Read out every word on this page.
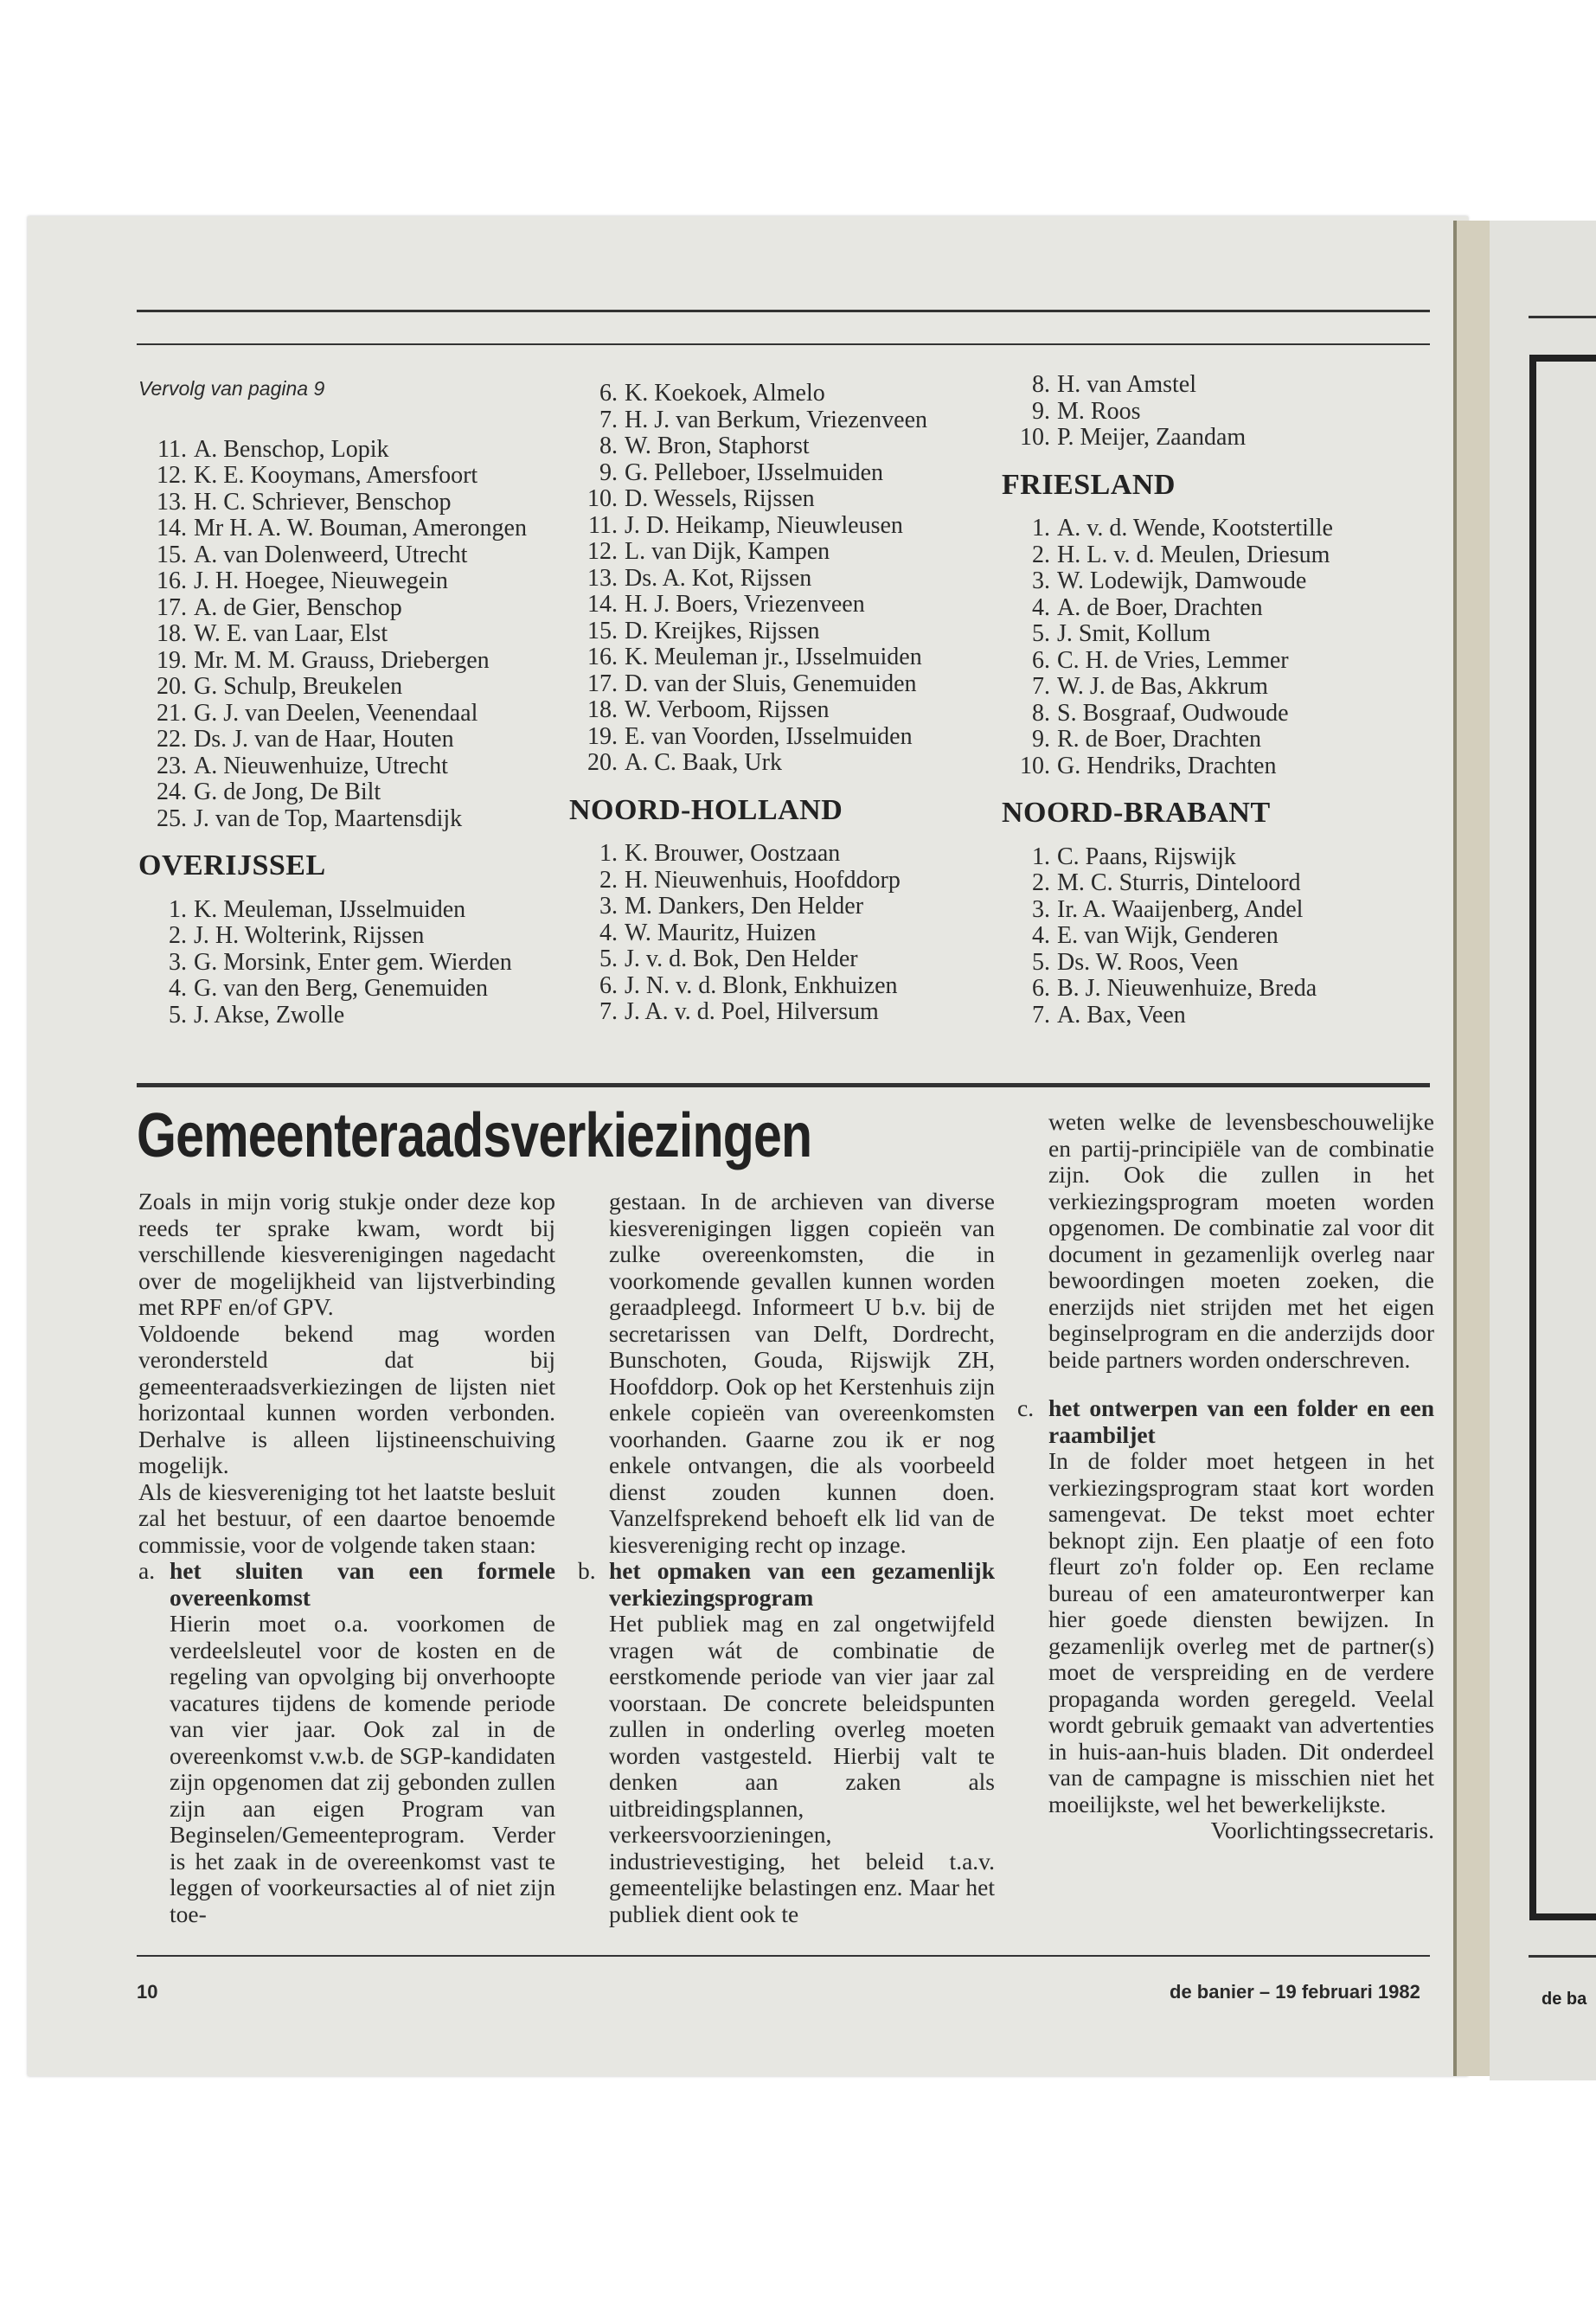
de ba
Vervolg van pagina 9
11. A. Benschop, Lopik
12. K. E. Kooymans, Amersfoort
13. H. C. Schriever, Benschop
14. Mr H. A. W. Bouman, Amerongen
15. A. van Dolenweerd, Utrecht
16. J. H. Hoegee, Nieuwegein
17. A. de Gier, Benschop
18. W. E. van Laar, Elst
19. Mr. M. M. Grauss, Driebergen
20. G. Schulp, Breukelen
21. G. J. van Deelen, Veenendaal
22. Ds. J. van de Haar, Houten
23. A. Nieuwenhuize, Utrecht
24. G. de Jong, De Bilt
25. J. van de Top, Maartensdijk
OVERIJSSEL
1. K. Meuleman, IJsselmuiden
2. J. H. Wolterink, Rijssen
3. G. Morsink, Enter gem. Wierden
4. G. van den Berg, Genemuiden
5. J. Akse, Zwolle
6. K. Koekoek, Almelo
7. H. J. van Berkum, Vriezenveen
8. W. Bron, Staphorst
9. G. Pelleboer, IJsselmuiden
10. D. Wessels, Rijssen
11. J. D. Heikamp, Nieuwleusen
12. L. van Dijk, Kampen
13. Ds. A. Kot, Rijssen
14. H. J. Boers, Vriezenveen
15. D. Kreijkes, Rijssen
16. K. Meuleman jr., IJsselmuiden
17. D. van der Sluis, Genemuiden
18. W. Verboom, Rijssen
19. E. van Voorden, IJsselmuiden
20. A. C. Baak, Urk
NOORD-HOLLAND
1. K. Brouwer, Oostzaan
2. H. Nieuwenhuis, Hoofddorp
3. M. Dankers, Den Helder
4. W. Mauritz, Huizen
5. J. v. d. Bok, Den Helder
6. J. N. v. d. Blonk, Enkhuizen
7. J. A. v. d. Poel, Hilversum
8. H. van Amstel
9. M. Roos
10. P. Meijer, Zaandam
FRIESLAND
1. A. v. d. Wende, Kootstertille
2. H. L. v. d. Meulen, Driesum
3. W. Lodewijk, Damwoude
4. A. de Boer, Drachten
5. J. Smit, Kollum
6. C. H. de Vries, Lemmer
7. W. J. de Bas, Akkrum
8. S. Bosgraaf, Oudwoude
9. R. de Boer, Drachten
10. G. Hendriks, Drachten
NOORD-BRABANT
1. C. Paans, Rijswijk
2. M. C. Sturris, Dinteloord
3. Ir. A. Waaijenberg, Andel
4. E. van Wijk, Genderen
5. Ds. W. Roos, Veen
6. B. J. Nieuwenhuize, Breda
7. A. Bax, Veen
Gemeenteraadsverkiezingen

Zoals in mijn vorig stukje onder deze kop reeds ter sprake kwam, wordt bij verschillende kiesverenigingen nagedacht over de mogelijkheid van lijstverbinding met RPF en/of GPV.

Voldoende bekend mag worden verondersteld dat bij gemeenteraadsverkiezingen de lijsten niet horizontaal kunnen worden verbonden. Derhalve is alleen lijstineenschuiving mogelijk.

Als de kiesvereniging tot het laatste besluit zal het bestuur, of een daartoe benoemde commissie, voor de volgende taken staan:

a. het sluiten van een formele overeenkomst

Hierin moet o.a. voorkomen de verdeelsleutel voor de kosten en de regeling van opvolging bij onverhoopte vacatures tijdens de komende periode van vier jaar. Ook zal in de overeenkomst v.w.b. de SGP-kandidaten zijn opgenomen dat zij gebonden zullen zijn aan eigen Program van Beginselen/Gemeenteprogram. Verder is het zaak in de overeenkomst vast te leggen of voorkeursacties al of niet zijn toe-

gestaan. In de archieven van diverse kiesverenigingen liggen copieën van zulke overeenkomsten, die in voorkomende gevallen kunnen worden geraadpleegd. Informeert U b.v. bij de secretarissen van Delft, Dordrecht, Bunschoten, Gouda, Rijswijk ZH, Hoofddorp. Ook op het Kerstenhuis zijn enkele copieën van overeenkomsten voorhanden. Gaarne zou ik er nog enkele ontvangen, die als voorbeeld dienst zouden kunnen doen. Vanzelfsprekend behoeft elk lid van de kiesvereniging recht op inzage.

b. het opmaken van een gezamenlijk verkiezingsprogram

Het publiek mag en zal ongetwijfeld vragen wát de combinatie de eerstkomende periode van vier jaar zal voorstaan. De concrete beleidspunten zullen in onderling overleg moeten worden vastgesteld. Hierbij valt te denken aan zaken als uitbreidingsplannen, verkeersvoorzieningen, industrievestiging, het beleid t.a.v. gemeentelijke belastingen enz. Maar het publiek dient ook te

weten welke de levensbeschouwelijke en partij-principiële van de combinatie zijn. Ook die zullen in het verkiezingsprogram moeten worden opgenomen. De combinatie zal voor dit document in gezamenlijk overleg naar bewoordingen moeten zoeken, die enerzijds niet strijden met het eigen beginselprogram en die anderzijds door beide partners worden onderschreven.

c. het ontwerpen van een folder en een raambiljet

In de folder moet hetgeen in het verkiezingsprogram staat kort worden samengevat. De tekst moet echter beknopt zijn. Een plaatje of een foto fleurt zo'n folder op. Een reclame bureau of een amateurontwerper kan hier goede diensten bewijzen. In gezamenlijk overleg met de partner(s) moet de verspreiding en de verdere propaganda worden geregeld. Veelal wordt gebruik gemaakt van advertenties in huis-aan-huis bladen. Dit onderdeel van de campagne is misschien niet het moeilijkste, wel het bewerkelijkste.

Voorlichtingssecretaris.

10	de banier – 19 februari 1982
